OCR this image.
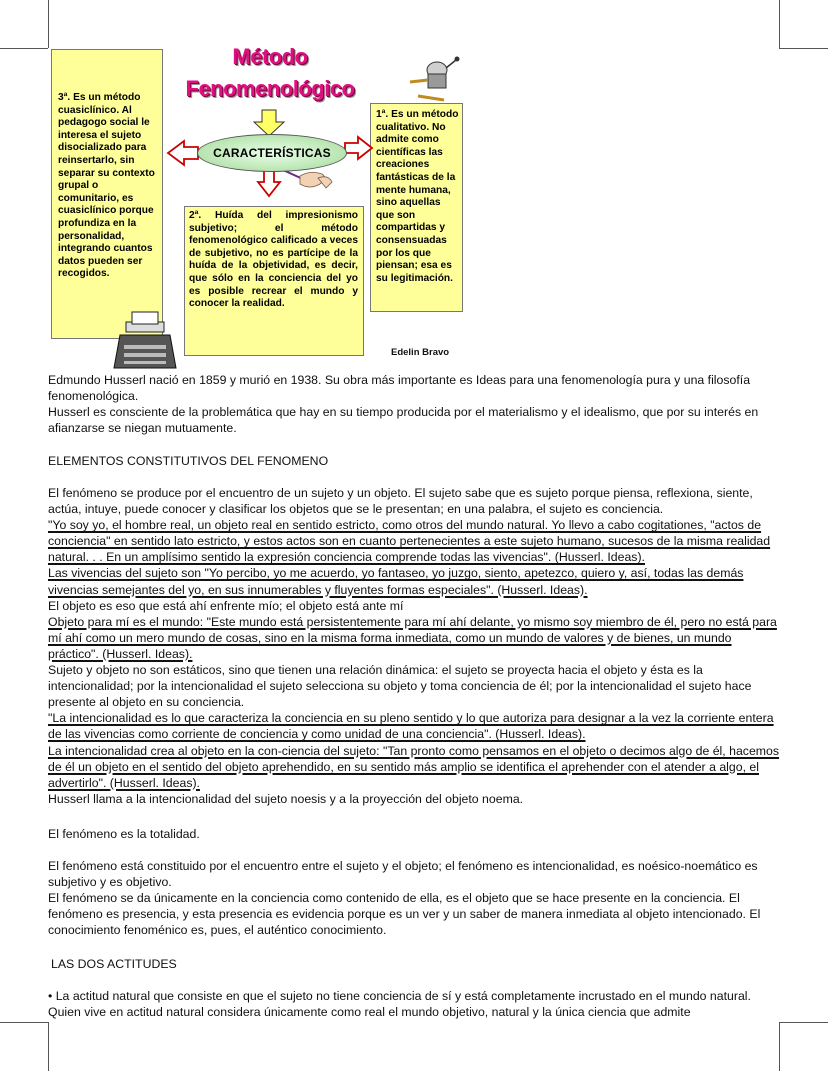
3ª. Es un método cuasiclínico. Al pedagogo social le interesa el sujeto disocializado para reinsertarlo, sin separar su contexto grupal o comunitario, es cuasiclínico porque profundiza en la personalidad, integrando cuantos datos pueden ser recogidos.
1ª. Es un método cualitativo. No admite como científicas las creaciones fantásticas de la mente humana, sino aquellas que son compartidas y consensuadas por los que piensan; esa es su legitimación.
2ª. Huída del impresionismo subjetivo; el método fenomenológico calificado a veces de subjetivo, no es partícipe de la huída de la objetividad, es decir, que sólo en la conciencia del yo es posible recrear el mundo y conocer la realidad.
Método
Fenomenológico
CARACTERÍSTICAS
Edelin Bravo

Edmundo Husserl nació en 1859 y murió en 1938. Su obra más importante es Ideas para una fenomenología pura y una filosofía fenomenológica.

Husserl es consciente de la problemática que hay en su tiempo producida por el materialismo y el idealismo, que por su interés en afianzarse se niegan mutuamente.

ELEMENTOS CONSTITUTIVOS DEL FENOMENO

El fenómeno se produce por el encuentro de un sujeto y un objeto. El sujeto sabe que es sujeto porque piensa, reflexiona, siente, actúa, intuye, puede conocer y clasificar los objetos que se le presentan; en una palabra, el sujeto es conciencia.

"Yo soy yo, el hombre real, un objeto real en sentido estricto, como otros del mundo natural. Yo llevo a cabo cogitationes, "actos de conciencia" en sentido lato estricto, y estos actos son en cuanto pertenecientes a este sujeto humano, sucesos de la misma realidad natural. . . En un amplísimo sentido la expresión conciencia comprende todas las vivencias". (Husserl. Ideas).

Las vivencias del sujeto son "Yo percibo, yo me acuerdo, yo fantaseo, yo juzgo, siento, apetezco, quiero y, así, todas las demás vivencias semejantes del yo, en sus innumerables y fluyentes formas especiales". (Husserl. Ideas).

El objeto es eso que está ahí enfrente mío; el objeto está ante mí

Objeto para mí es el mundo: "Este mundo está persistentemente para mí ahí delante, yo mismo soy miembro de él, pero no está para mí ahí como un mero mundo de cosas, sino en la misma forma inmediata, como un mundo de valores y de bienes, un mundo práctico". (Husserl. Ideas).

Sujeto y objeto no son estáticos, sino que tienen una relación dinámica: el sujeto se proyecta hacia el objeto y ésta es la intencionalidad; por la intencionalidad el sujeto selecciona su objeto y toma conciencia de él; por la intencionalidad el sujeto hace presente al objeto en su conciencia.

"La intencionalidad es lo que caracteriza la conciencia en su pleno sentido y lo que autoriza para designar a la vez la corriente entera de las vivencias como corriente de conciencia y como unidad de una conciencia". (Husserl. Ideas).

La intencionalidad crea al objeto en la con-ciencia del sujeto: "Tan pronto como pensamos en el objeto o decimos algo de él, hacemos de él un objeto en el sentido del objeto aprehendido, en su sentido más amplio se identifica el aprehender con el atender a algo, el advertirlo". (Husserl. Ideas).

Husserl llama a la intencionalidad del sujeto noesis y a la proyección del objeto noema.

El fenómeno es la totalidad.

El fenómeno está constituido por el encuentro entre el sujeto y el objeto; el fenómeno es intencionalidad, es noésico-noemático es subjetivo y es objetivo.

El fenómeno se da únicamente en la conciencia como contenido de ella, es el objeto que se hace presente en la conciencia. El fenómeno es presencia, y esta presencia es evidencia porque es un ver y un saber de manera inmediata al objeto intencionado. El conocimiento fenoménico es, pues, el auténtico conocimiento.

LAS DOS ACTITUDES
• La actitud natural que consiste en que el sujeto no tiene conciencia de sí y está completamente incrustado en el mundo natural. Quien vive en actitud natural considera únicamente como real el mundo objetivo, natural y la única ciencia que admite
